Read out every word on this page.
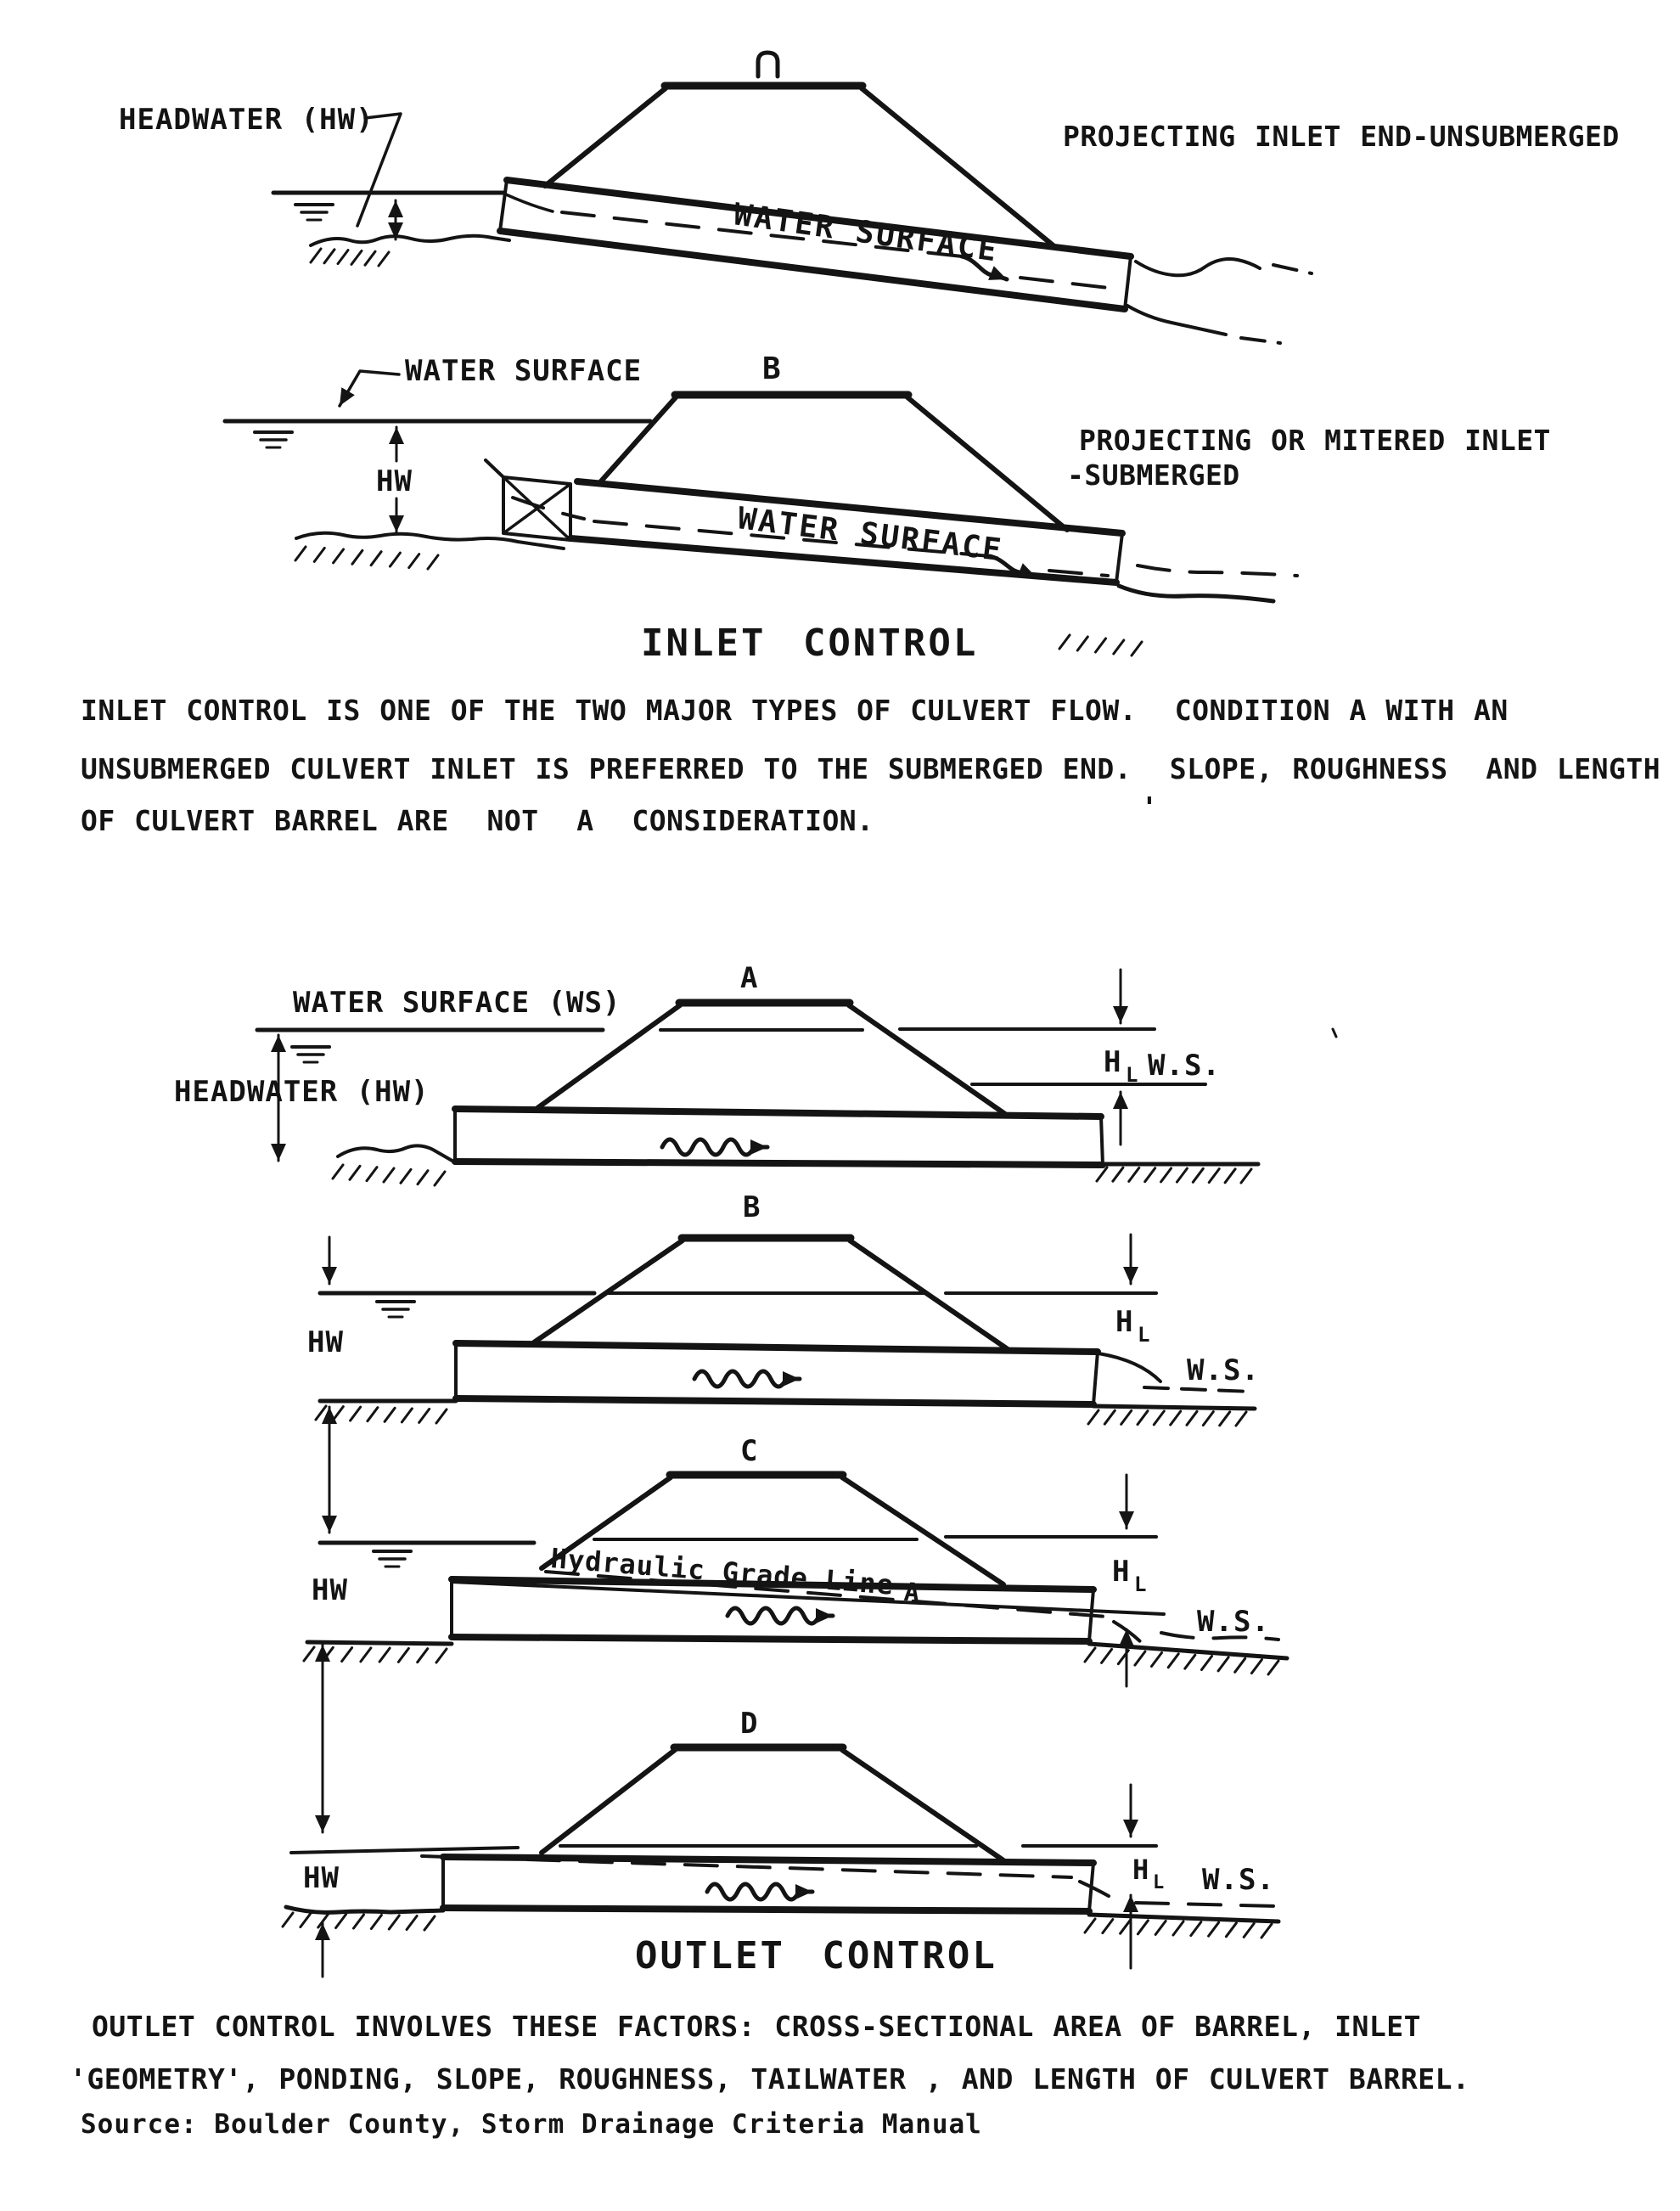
HEADWATER (HW)
WATER SURFACE
PROJECTING INLET END-UNSUBMERGED
WATER SURFACE	B
HW
WATER SURFACE
PROJECTING OR MITERED INLET
-SUBMERGED
INLET CONTROL
INLET CONTROL IS ONE OF THE TWO MAJOR TYPES OF CULVERT FLOW.  CONDITION A WITH AN
UNSUBMERGED CULVERT INLET IS PREFERRED TO THE SUBMERGED END.  SLOPE, ROUGHNESS  AND LENGTH
OF CULVERT BARREL ARE  NOT  A  CONSIDERATION.	'
A
WATER SURFACE (WS)
HEADWATER (HW)
H L W.S.
B
HW
H L
W.S.
C
HW	Hydraulic Grade Line A
W.S.
H L
D
HW	W.S.
H L
OUTLET CONTROL
OUTLET CONTROL INVOLVES THESE FACTORS: CROSS-SECTIONAL AREA OF BARREL, INLET
'GEOMETRY', PONDING, SLOPE, ROUGHNESS, TAILWATER , AND LENGTH OF CULVERT BARREL.
Source: Boulder County, Storm Drainage Criteria Manual
